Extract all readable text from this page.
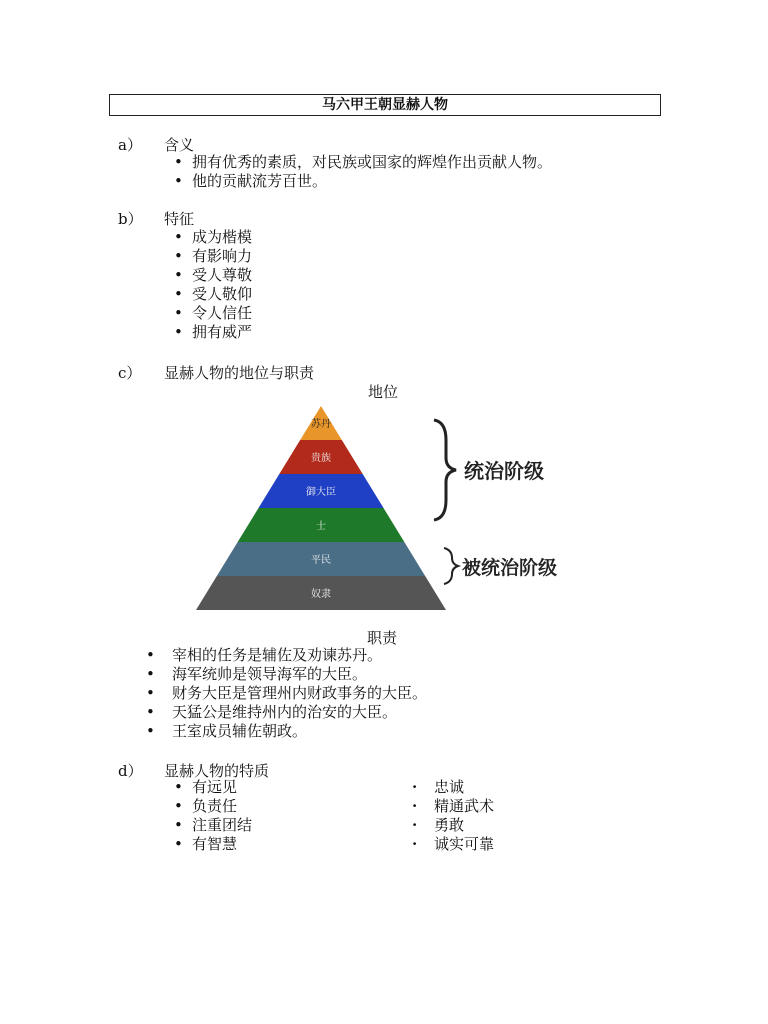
马六甲王朝显赫人物
a） 含义
• 拥有优秀的素质，对民族或国家的辉煌作出贡献人物。
• 他的贡献流芳百世。
b） 特征
• 成为楷模
• 有影响力
• 受人尊敬
• 受人敬仰
• 令人信任
• 拥有威严
c） 显赫人物的地位与职责
地位
苏丹
贵族
御大臣
士
平民
奴隶
统治阶级
被统治阶级
职责
• 宰相的任务是辅佐及劝谏苏丹。
• 海军统帅是领导海军的大臣。
• 财务大臣是管理州内财政事务的大臣。
• 天猛公是维持州内的治安的大臣。
• 王室成员辅佐朝政。
d） 显赫人物的特质
• 有远见
• 负责任
• 注重团结
• 有智慧
· 忠诚
· 精通武术
· 勇敢
· 诚实可靠
